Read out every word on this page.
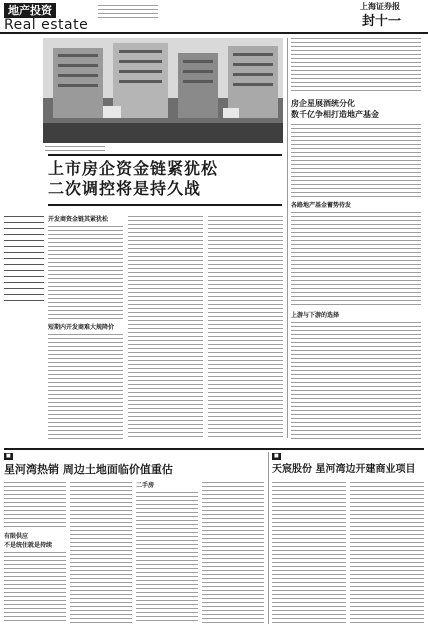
地产投资
Real estate
上海证券报
封十一
房企星展酒统分化
数千亿争相打造地产基金
各路地产基金蓄势待发
上游与下游的选择
上市房企资金链紧犹松
二次调控将是持久战
开发商资金链其紧犹松
短期内开发商难大规降价
■
星河湾热销 周边土地面临价值重估
有限供应
不是统住就是持续
二手房
■
天宸股份 星河湾边开建商业项目
